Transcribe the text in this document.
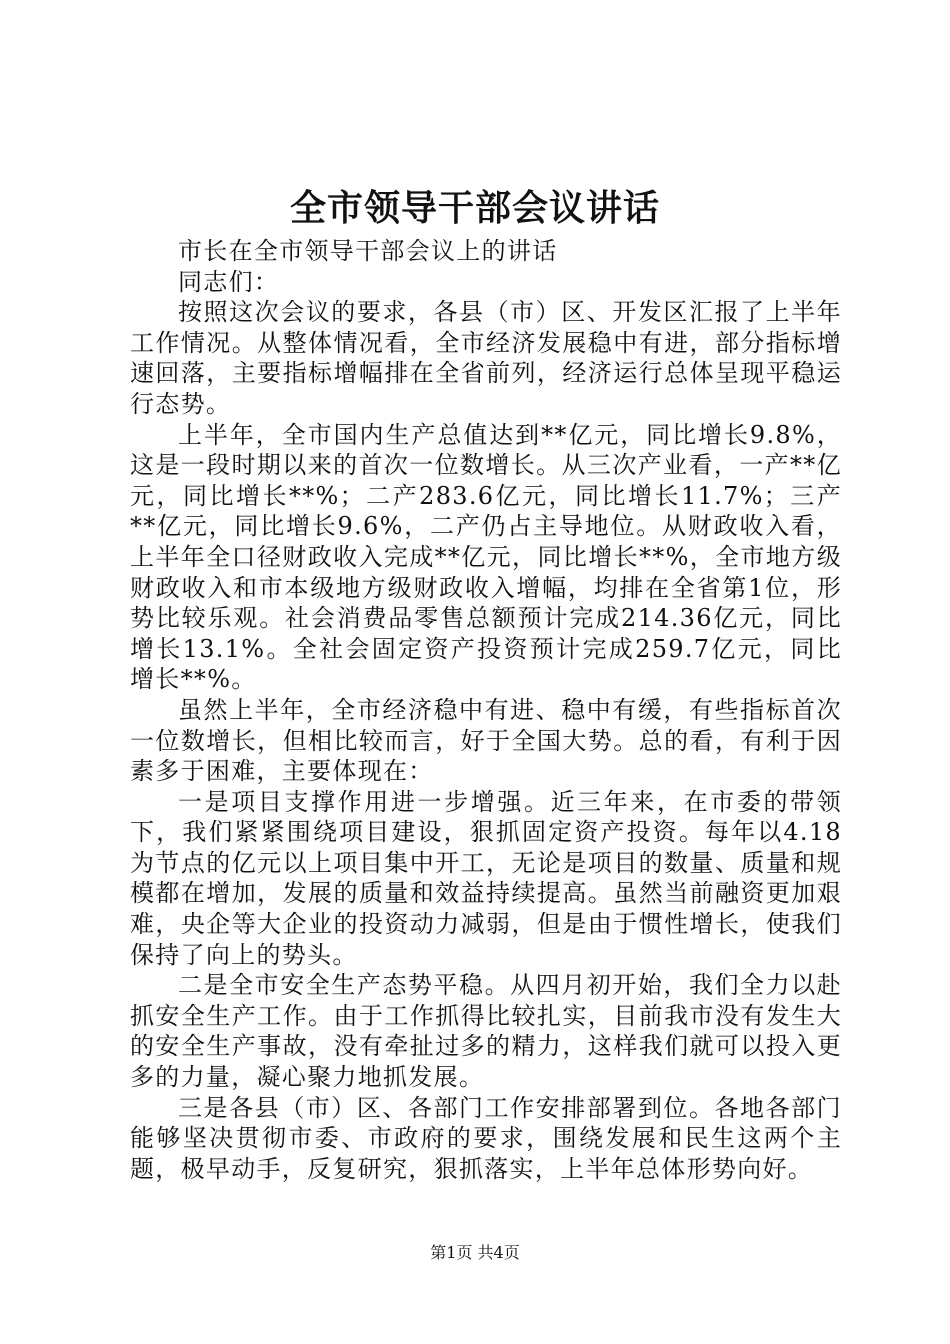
全市领导干部会议讲话

市长在全市领导干部会议上的讲话

同志们：

按照这次会议的要求，各县（市）区、开发区汇报了上半年工作情况。从整体情况看，全市经济发展稳中有进，部分指标增速回落，主要指标增幅排在全省前列，经济运行总体呈现平稳运行态势。

上半年，全市国内生产总值达到**亿元，同比增长9.8%，这是一段时期以来的首次一位数增长。从三次产业看，一产**亿元，同比增长**%；二产283.6亿元，同比增长11.7%；三产**亿元，同比增长9.6%，二产仍占主导地位。从财政收入看，上半年全口径财政收入完成**亿元，同比增长**%，全市地方级财政收入和市本级地方级财政收入增幅，均排在全省第1位，形势比较乐观。社会消费品零售总额预计完成214.36亿元，同比增长13.1%。全社会固定资产投资预计完成259.7亿元，同比增长**%。

虽然上半年，全市经济稳中有进、稳中有缓，有些指标首次一位数增长，但相比较而言，好于全国大势。总的看，有利于因素多于困难，主要体现在：

一是项目支撑作用进一步增强。近三年来，在市委的带领下，我们紧紧围绕项目建设，狠抓固定资产投资。每年以4.18为节点的亿元以上项目集中开工，无论是项目的数量、质量和规模都在增加，发展的质量和效益持续提高。虽然当前融资更加艰难，央企等大企业的投资动力减弱，但是由于惯性增长，使我们保持了向上的势头。

二是全市安全生产态势平稳。从四月初开始，我们全力以赴抓安全生产工作。由于工作抓得比较扎实，目前我市没有发生大的安全生产事故，没有牵扯过多的精力，这样我们就可以投入更多的力量，凝心聚力地抓发展。

三是各县（市）区、各部门工作安排部署到位。各地各部门能够坚决贯彻市委、市政府的要求，围绕发展和民生这两个主题，极早动手，反复研究，狠抓落实，上半年总体形势向好。

第1页 共4页
